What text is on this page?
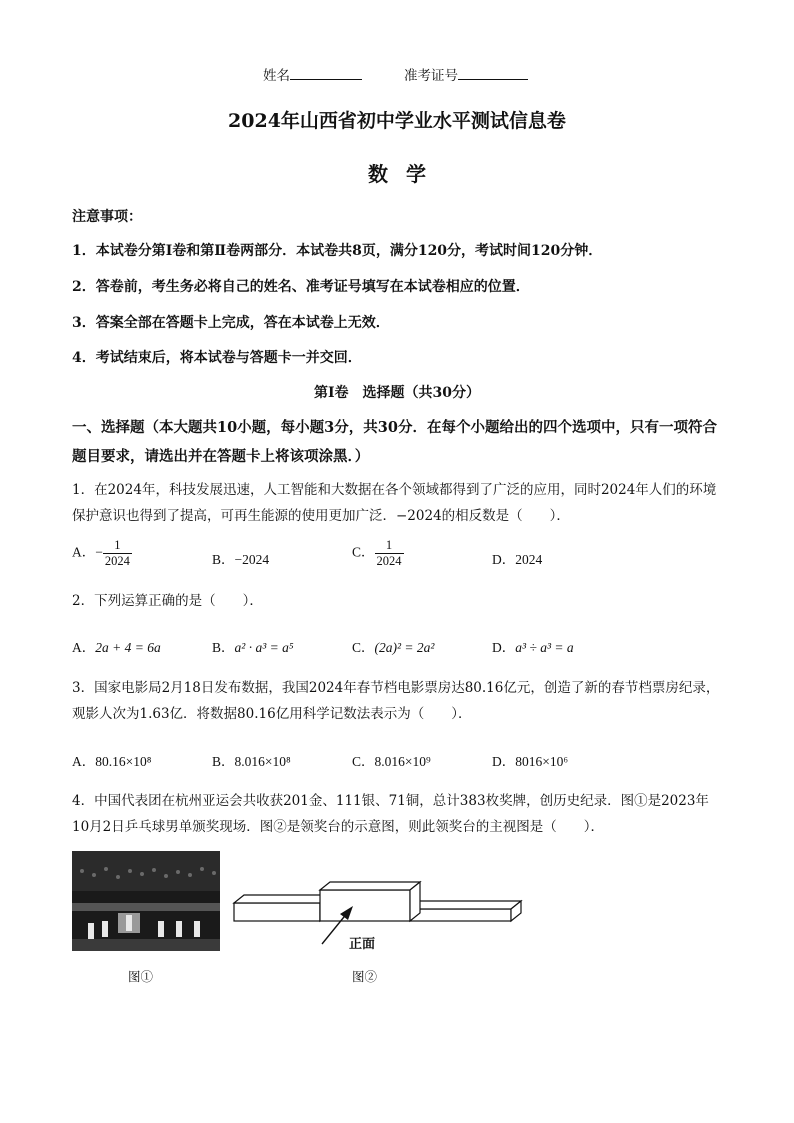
姓名	准考证号
2024年山西省初中学业水平测试信息卷
数学
注意事项：
1．本试卷分第Ⅰ卷和第Ⅱ卷两部分．本试卷共8页，满分120分，考试时间120分钟．
2．答卷前，考生务必将自己的姓名、准考证号填写在本试卷相应的位置．
3．答案全部在答题卡上完成，答在本试卷上无效．
4．考试结束后，将本试卷与答题卡一并交回．
第Ⅰ卷　选择题（共30分）
一、选择题（本大题共10小题，每小题3分，共30分．在每个小题给出的四个选项中，只有一项符合题目要求，请选出并在答题卡上将该项涂黑．）
1．在2024年，科技发展迅速，人工智能和大数据在各个领域都得到了广泛的应用，同时2024年人们的环境保护意识也得到了提高，可再生能源的使用更加广泛．−2024的相反数是（　　）．
A．− $\frac{1}{2024}$	B．−2024	C． $\frac{1}{2024}$	D．2024
2．下列运算正确的是（　　）．
A．2a + 4 = 6a	B．a² · a³ = a⁵	C．(2a)² = 2a²	D．a³ ÷ a³ = a
3．国家电影局2月18日发布数据，我国2024年春节档电影票房达80.16亿元，创造了新的春节档票房纪录，观影人次为1.63亿．将数据80.16亿用科学记数法表示为（　　）．
A．80.16×10⁸	B．8.016×10⁸	C．8.016×10⁹	D．8016×10⁶
4．中国代表团在杭州亚运会共收获201金、111银、71铜，总计383枚奖牌，创历史纪录．图①是2023年10月2日乒乓球男单颁奖现场．图②是领奖台的示意图，则此领奖台的主视图是（　　）．
图①
正面
图②
